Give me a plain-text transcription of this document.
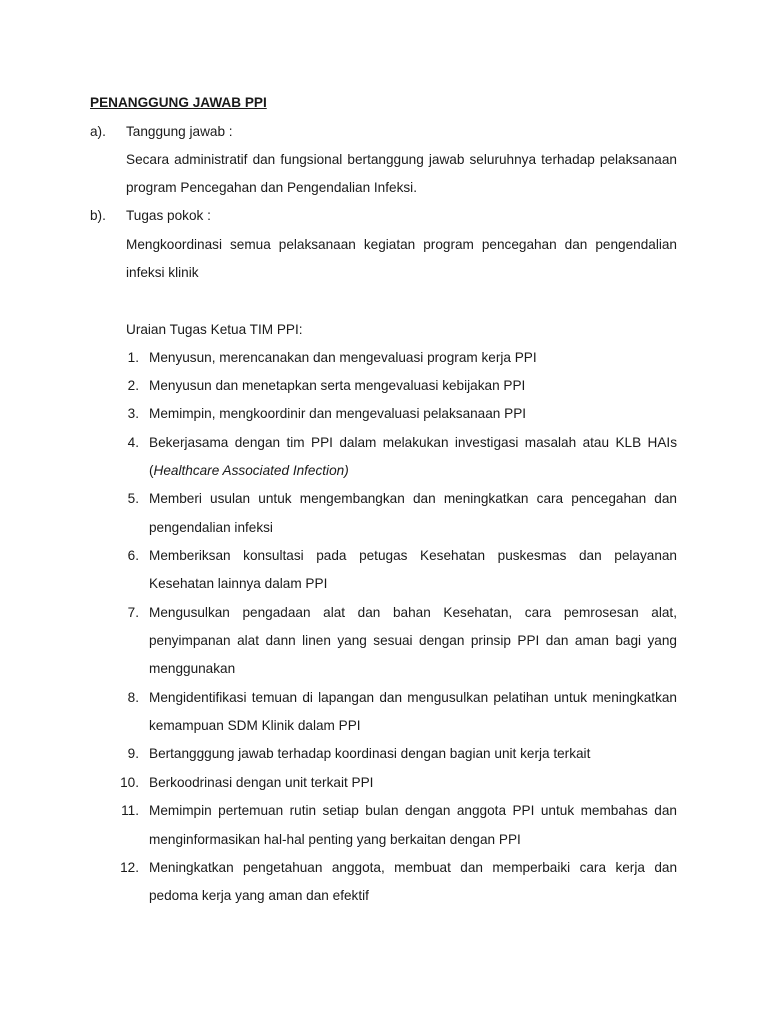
PENANGGUNG JAWAB PPI
a). Tanggung jawab :
Secara administratif dan fungsional bertanggung jawab seluruhnya terhadap pelaksanaan
program Pencegahan dan Pengendalian Infeksi.
b). Tugas pokok :
Mengkoordinasi semua pelaksanaan kegiatan program pencegahan dan pengendalian
infeksi klinik
Uraian Tugas Ketua TIM PPI:
1. Menyusun, merencanakan dan mengevaluasi program kerja PPI
2. Menyusun dan menetapkan serta mengevaluasi kebijakan PPI
3. Memimpin, mengkoordinir dan mengevaluasi pelaksanaan PPI
4. Bekerjasama dengan tim PPI dalam melakukan investigasi masalah atau KLB HAIs
(Healthcare Associated Infection)
5. Memberi usulan untuk mengembangkan dan meningkatkan cara pencegahan dan
pengendalian infeksi
6. Memberiksan konsultasi pada petugas Kesehatan puskesmas dan pelayanan
Kesehatan lainnya dalam PPI
7. Mengusulkan pengadaan alat dan bahan Kesehatan, cara pemrosesan alat,
penyimpanan alat dann linen yang sesuai dengan prinsip PPI dan aman bagi yang
menggunakan
8. Mengidentifikasi temuan di lapangan dan mengusulkan pelatihan untuk meningkatkan
kemampuan SDM Klinik dalam PPI
9. Bertangggung jawab terhadap koordinasi dengan bagian unit kerja terkait
10. Berkoodrinasi dengan unit terkait PPI
11. Memimpin pertemuan rutin setiap bulan dengan anggota PPI untuk membahas dan
menginformasikan hal-hal penting yang berkaitan dengan PPI
12. Meningkatkan pengetahuan anggota, membuat dan memperbaiki cara kerja dan
pedoma kerja yang aman dan efektif
